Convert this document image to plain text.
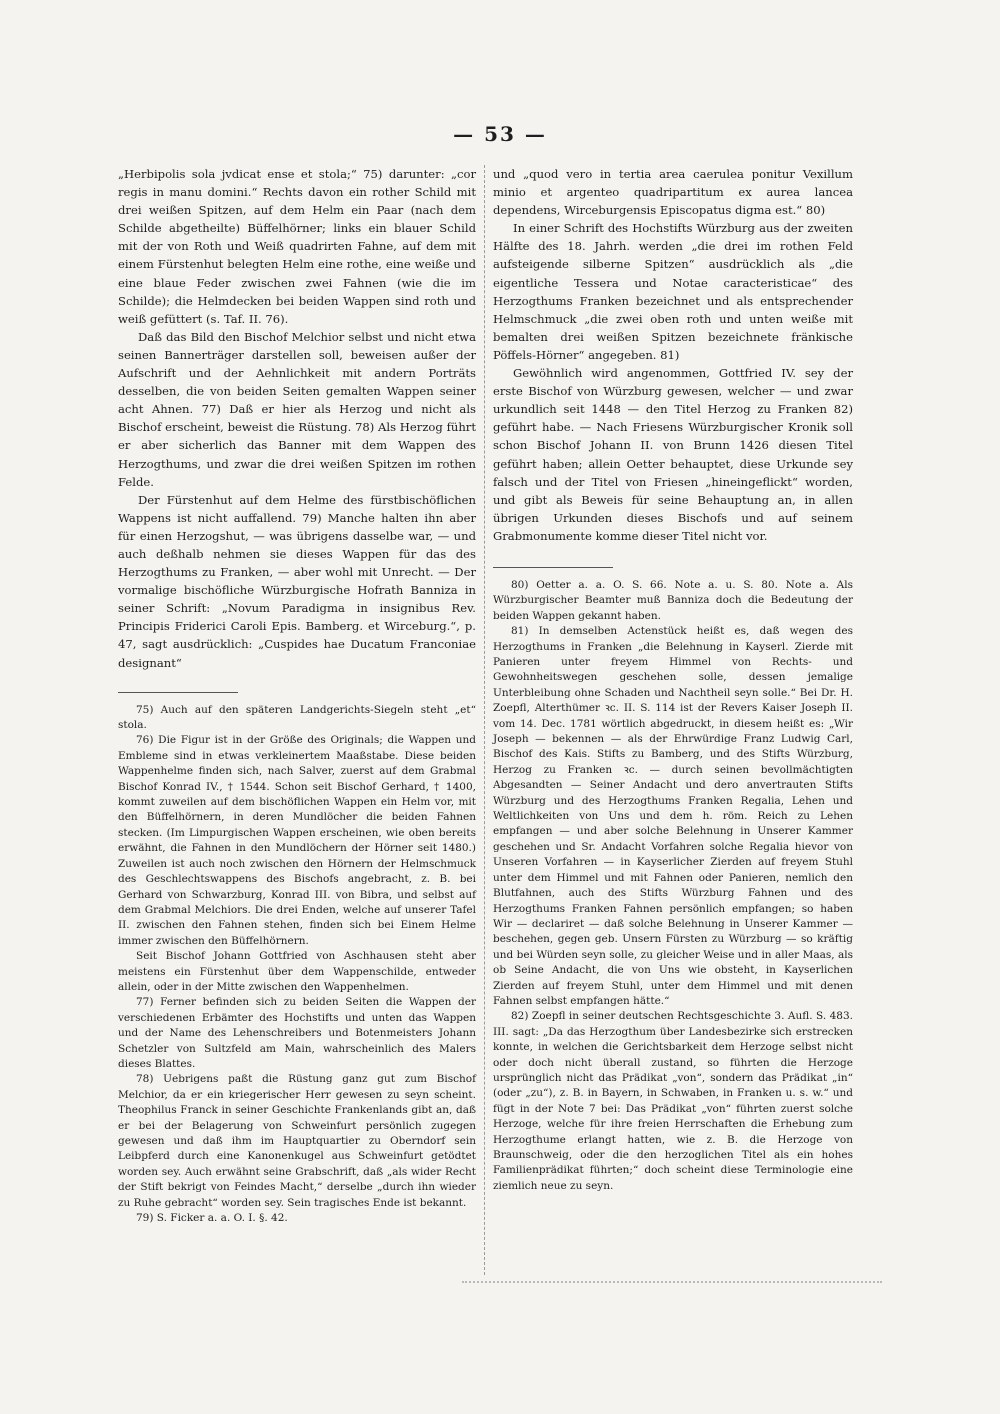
— 53 —

„Herbipolis sola jvdicat ense et stola;“ 75) darunter: „cor regis in manu domini.“ Rechts davon ein rother Schild mit drei weißen Spitzen, auf dem Helm ein Paar (nach dem Schilde abgetheilte) Büffelhörner; links ein blauer Schild mit der von Roth und Weiß quadrirten Fahne, auf dem mit einem Fürstenhut belegten Helm eine rothe, eine weiße und eine blaue Feder zwischen zwei Fahnen (wie die im Schilde); die Helmdecken bei beiden Wappen sind roth und weiß gefüttert (s. Taf. II. 76).

Daß das Bild den Bischof Melchior selbst und nicht etwa seinen Bannerträger darstellen soll, beweisen außer der Aufschrift und der Aehnlichkeit mit andern Porträts desselben, die von beiden Seiten gemalten Wappen seiner acht Ahnen. 77) Daß er hier als Herzog und nicht als Bischof erscheint, beweist die Rüstung. 78) Als Herzog führt er aber sicherlich das Banner mit dem Wappen des Herzogthums, und zwar die drei weißen Spitzen im rothen Felde.

Der Fürstenhut auf dem Helme des fürstbischöflichen Wappens ist nicht auffallend. 79) Manche halten ihn aber für einen Herzogshut, — was übrigens dasselbe war, — und auch deßhalb nehmen sie dieses Wappen für das des Herzogthums zu Franken, — aber wohl mit Unrecht. — Der vormalige bischöfliche Würzburgische Hofrath Banniza in seiner Schrift: „Novum Paradigma in insignibus Rev. Principis Friderici Caroli Epis. Bamberg. et Wirceburg.“, p. 47, sagt ausdrücklich: „Cuspides hae Ducatum Franconiae designant“

75) Auch auf den späteren Landgerichts-Siegeln steht „et“ stola.

76) Die Figur ist in der Größe des Originals; die Wappen und Embleme sind in etwas verkleinertem Maaßstabe. Diese beiden Wappenhelme finden sich, nach Salver, zuerst auf dem Grabmal Bischof Konrad IV., † 1544. Schon seit Bischof Gerhard, † 1400, kommt zuweilen auf dem bischöflichen Wappen ein Helm vor, mit den Büffelhörnern, in deren Mundlöcher die beiden Fahnen stecken. (Im Limpurgischen Wappen erscheinen, wie oben bereits erwähnt, die Fahnen in den Mundlöchern der Hörner seit 1480.) Zuweilen ist auch noch zwischen den Hörnern der Helmschmuck des Geschlechtswappens des Bischofs angebracht, z. B. bei Gerhard von Schwarzburg, Konrad III. von Bibra, und selbst auf dem Grabmal Melchiors. Die drei Enden, welche auf unserer Tafel II. zwischen den Fahnen stehen, finden sich bei Einem Helme immer zwischen den Büffelhörnern.

Seit Bischof Johann Gottfried von Aschhausen steht aber meistens ein Fürstenhut über dem Wappenschilde, entweder allein, oder in der Mitte zwischen den Wappenhelmen.

77) Ferner befinden sich zu beiden Seiten die Wappen der verschiedenen Erbämter des Hochstifts und unten das Wappen und der Name des Lehenschreibers und Botenmeisters Johann Schetzler von Sultzfeld am Main, wahrscheinlich des Malers dieses Blattes.

78) Uebrigens paßt die Rüstung ganz gut zum Bischof Melchior, da er ein kriegerischer Herr gewesen zu seyn scheint. Theophilus Franck in seiner Geschichte Frankenlands gibt an, daß er bei der Belagerung von Schweinfurt persönlich zugegen gewesen und daß ihm im Hauptquartier zu Oberndorf sein Leibpferd durch eine Kanonenkugel aus Schweinfurt getödtet worden sey. Auch erwähnt seine Grabschrift, daß „als wider Recht der Stift bekrigt von Feindes Macht,“ derselbe „durch ihn wieder zu Ruhe gebracht“ worden sey. Sein tragisches Ende ist bekannt.

79) S. Ficker a. a. O. I. §. 42.

und „quod vero in tertia area caerulea ponitur Vexillum minio et argenteo quadripartitum ex aurea lancea dependens, Wirceburgensis Episcopatus digma est.“ 80)

In einer Schrift des Hochstifts Würzburg aus der zweiten Hälfte des 18. Jahrh. werden „die drei im rothen Feld aufsteigende silberne Spitzen“ ausdrücklich als „die eigentliche Tessera und Notae caracteristicae“ des Herzogthums Franken bezeichnet und als entsprechender Helmschmuck „die zwei oben roth und unten weiße mit bemalten drei weißen Spitzen bezeichnete fränkische Pöffels-Hörner“ angegeben. 81)

Gewöhnlich wird angenommen, Gottfried IV. sey der erste Bischof von Würzburg gewesen, welcher — und zwar urkundlich seit 1448 — den Titel Herzog zu Franken 82) geführt habe. — Nach Friesens Würzburgischer Kronik soll schon Bischof Johann II. von Brunn 1426 diesen Titel geführt haben; allein Oetter behauptet, diese Urkunde sey falsch und der Titel von Friesen „hineingeflickt“ worden, und gibt als Beweis für seine Behauptung an, in allen übrigen Urkunden dieses Bischofs und auf seinem Grabmonumente komme dieser Titel nicht vor.

80) Oetter a. a. O. S. 66. Note a. u. S. 80. Note a. Als Würzburgischer Beamter muß Banniza doch die Bedeutung der beiden Wappen gekannt haben.

81) In demselben Actenstück heißt es, daß wegen des Herzogthums in Franken „die Belehnung in Kayserl. Zierde mit Panieren unter freyem Himmel von Rechts- und Gewohnheitswegen geschehen solle, dessen jemalige Unterbleibung ohne Schaden und Nachtheil seyn solle.“ Bei Dr. H. Zoepfl, Alterthümer ꝛc. II. S. 114 ist der Revers Kaiser Joseph II. vom 14. Dec. 1781 wörtlich abgedruckt, in diesem heißt es: „Wir Joseph — bekennen — als der Ehrwürdige Franz Ludwig Carl, Bischof des Kais. Stifts zu Bamberg, und des Stifts Würzburg, Herzog zu Franken ꝛc. — durch seinen bevollmächtigten Abgesandten — Seiner Andacht und dero anvertrauten Stifts Würzburg und des Herzogthums Franken Regalia, Lehen und Weltlichkeiten von Uns und dem h. röm. Reich zu Lehen empfangen — und aber solche Belehnung in Unserer Kammer geschehen und Sr. Andacht Vorfahren solche Regalia hievor von Unseren Vorfahren — in Kayserlicher Zierden auf freyem Stuhl unter dem Himmel und mit Fahnen oder Panieren, nemlich den Blutfahnen, auch des Stifts Würzburg Fahnen und des Herzogthums Franken Fahnen persönlich empfangen; so haben Wir — declariret — daß solche Belehnung in Unserer Kammer — beschehen, gegen geb. Unsern Fürsten zu Würzburg — so kräftig und bei Würden seyn solle, zu gleicher Weise und in aller Maas, als ob Seine Andacht, die von Uns wie obsteht, in Kayserlichen Zierden auf freyem Stuhl, unter dem Himmel und mit denen Fahnen selbst empfangen hätte.“

82) Zoepfl in seiner deutschen Rechtsgeschichte 3. Aufl. S. 483. III. sagt: „Da das Herzogthum über Landesbezirke sich erstrecken konnte, in welchen die Gerichtsbarkeit dem Herzoge selbst nicht oder doch nicht überall zustand, so führten die Herzoge ursprünglich nicht das Prädikat „von“, sondern das Prädikat „in“ (oder „zu“), z. B. in Bayern, in Schwaben, in Franken u. s. w.“ und fügt in der Note 7 bei: Das Prädikat „von“ führten zuerst solche Herzoge, welche für ihre freien Herrschaften die Erhebung zum Herzogthume erlangt hatten, wie z. B. die Herzoge von Braunschweig, oder die den herzoglichen Titel als ein hohes Familienprädikat führten;“ doch scheint diese Terminologie eine ziemlich neue zu seyn.
